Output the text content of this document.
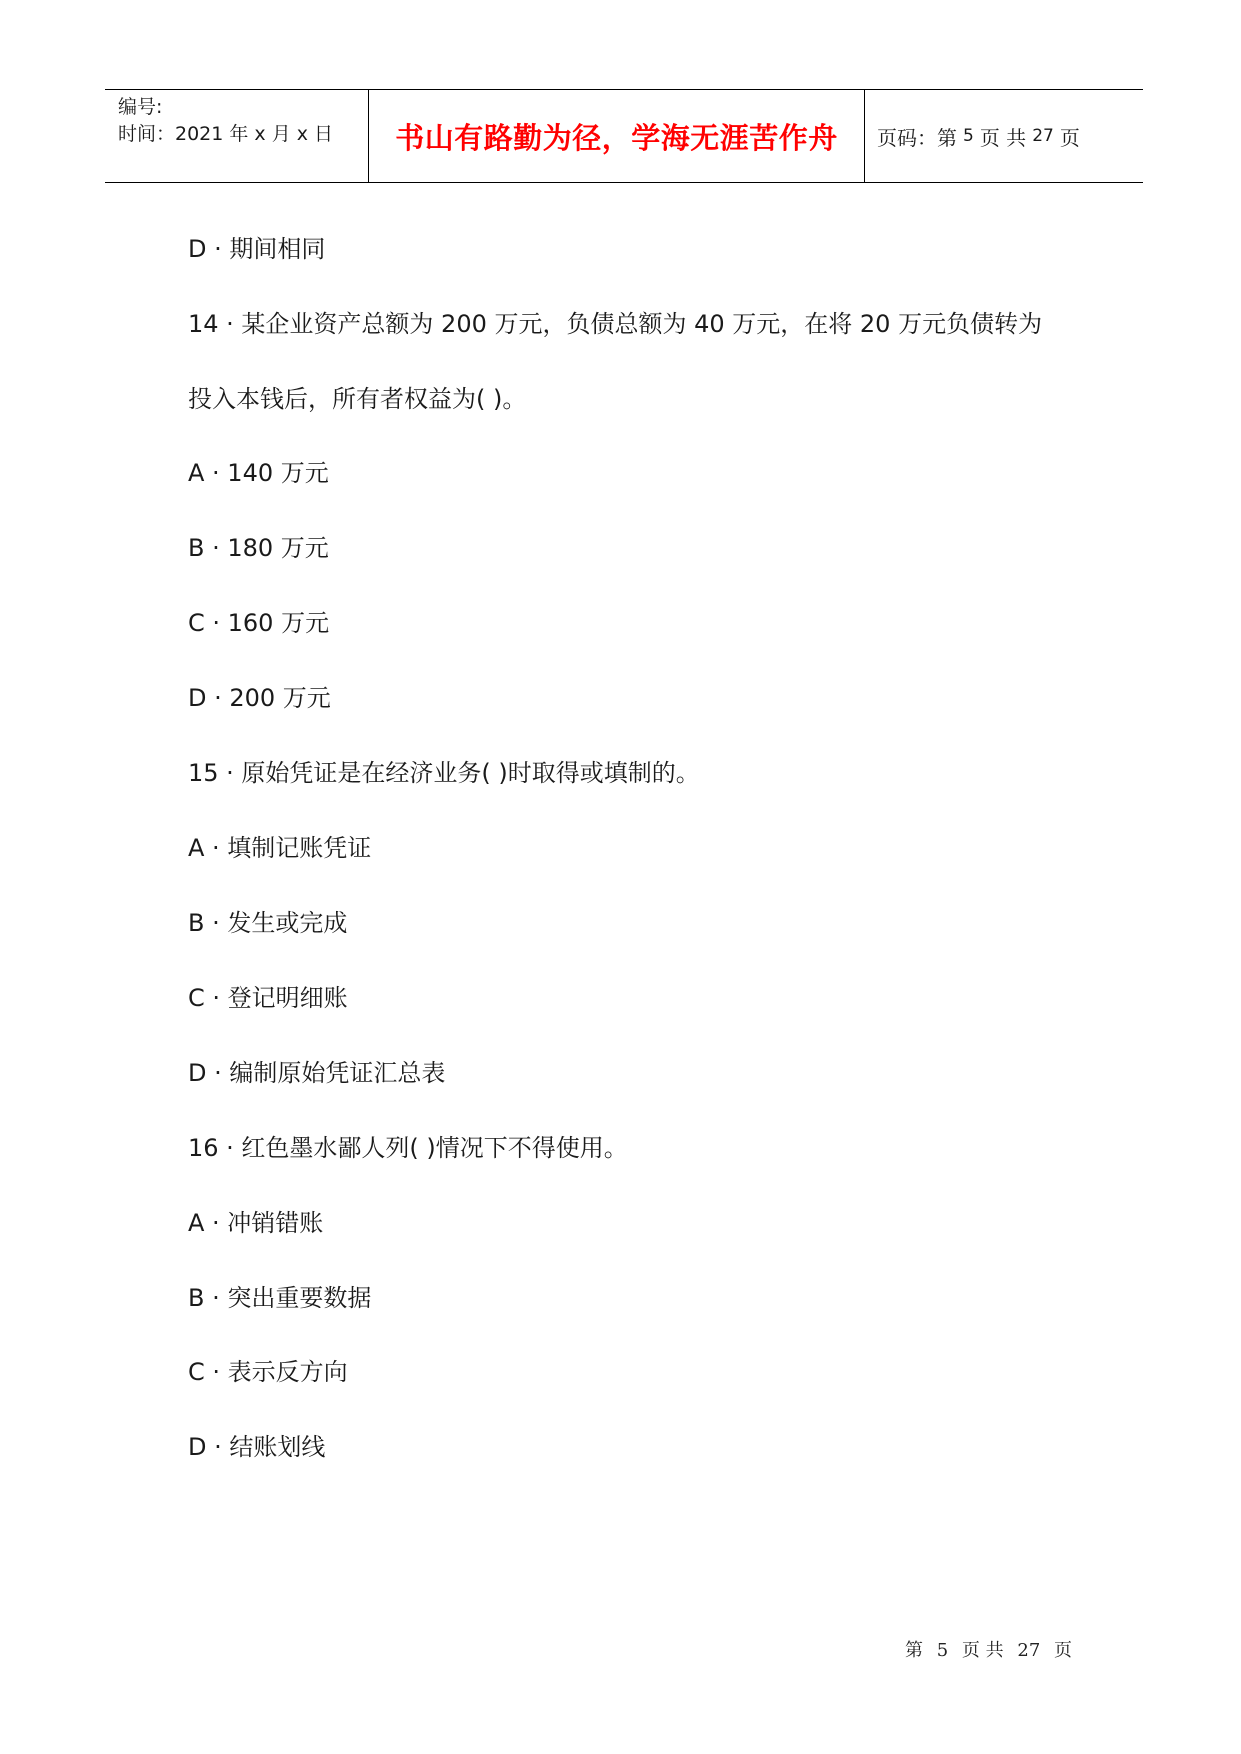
编号:
时间：2021 年 x 月 x 日	书山有路勤为径，学海无涯苦作舟	页码：第 5 页 共 27 页
D · 期间相同
14 · 某企业资产总额为 200 万元，负债总额为 40 万元，在将 20 万元负债转为
投入本钱后，所有者权益为( )。
A · 140 万元
B · 180 万元
C · 160 万元
D · 200 万元
15 · 原始凭证是在经济业务( )时取得或填制的。
A · 填制记账凭证
B · 发生或完成
C · 登记明细账
D · 编制原始凭证汇总表
16 · 红色墨水鄙人列( )情况下不得使用。
A · 冲销错账
B · 突出重要数据
C · 表示反方向
D · 结账划线
第 5 页 共 27 页
